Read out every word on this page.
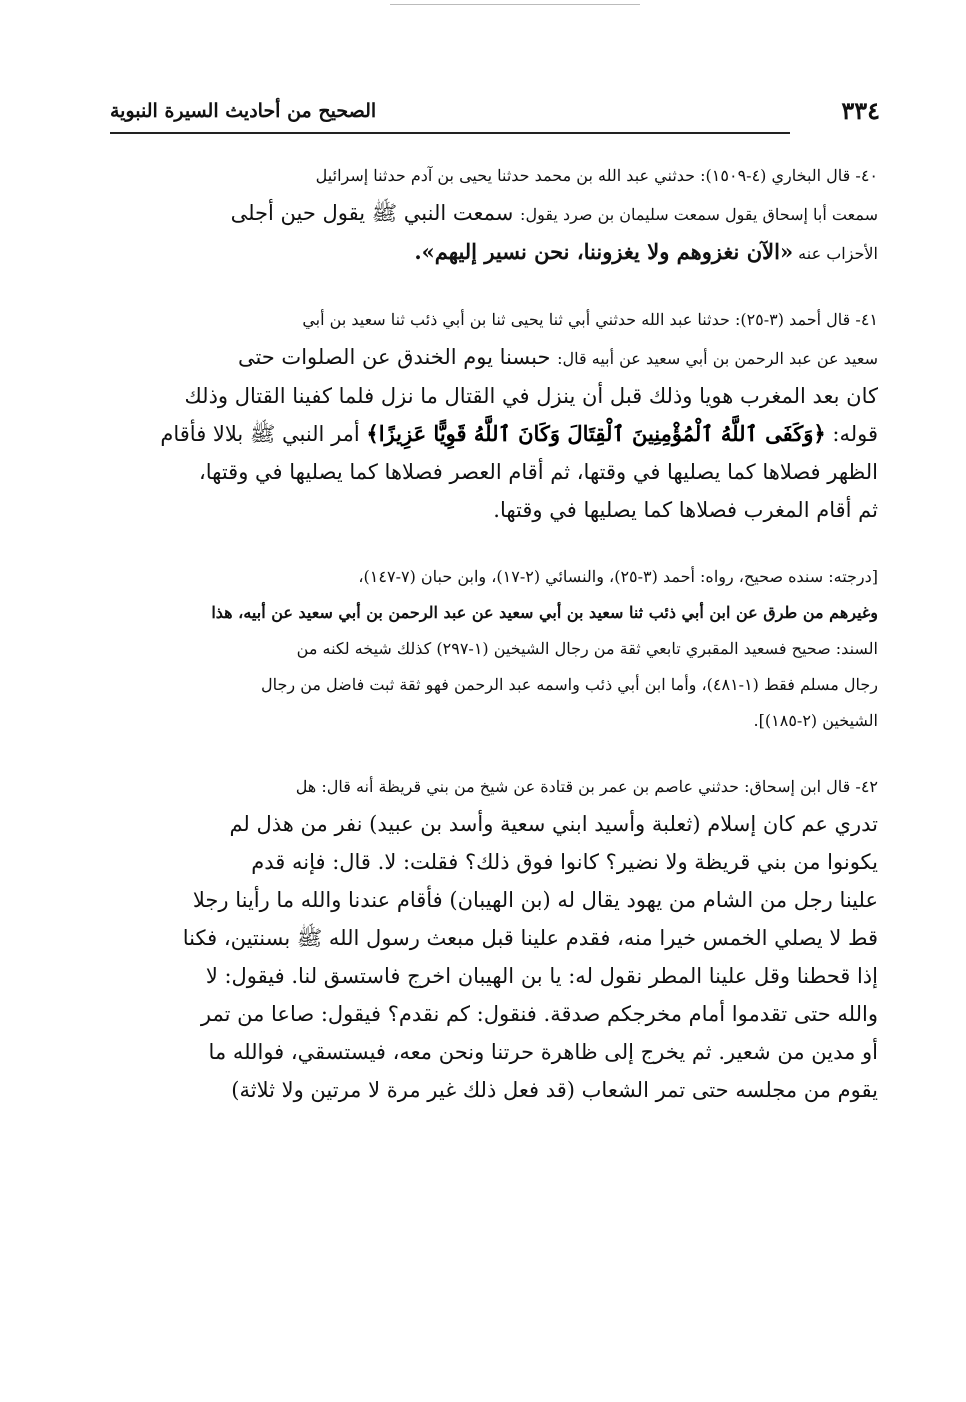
الصحيح من أحاديث السيرة النبوية	٣٣٤

٤٠- قال البخاري (٤-١٥٠٩): حدثني عبد الله بن محمد حدثنا يحيى بن آدم حدثنا إسرائيل

سمعت أبا إسحاق يقول سمعت سليمان بن صرد يقول: سمعت النبي ﷺ يقول حين أجلى

الأحزاب عنه «الآن نغزوهم ولا يغزوننا، نحن نسير إليهم».

٤١- قال أحمد (٣-٢٥): حدثنا عبد الله حدثني أبي ثنا يحيى ثنا بن أبي ذئب ثنا سعيد بن أبي

سعيد عن عبد الرحمن بن أبي سعيد عن أبيه قال: حبسنا يوم الخندق عن الصلوات حتى

كان بعد المغرب هويا وذلك قبل أن ينزل في القتال ما نزل فلما كفينا القتال وذلك

قوله: ﴿وَكَفَى ٱللَّهُ ٱلْمُؤْمِنِينَ ٱلْقِتَالَ وَكَانَ ٱللَّهُ قَوِيًّا عَزِيزًا﴾ أمر النبي ﷺ بلالا فأقام

الظهر فصلاها كما يصليها في وقتها، ثم أقام العصر فصلاها كما يصليها في وقتها،

ثم أقام المغرب فصلاها كما يصليها في وقتها.

[درجته: سنده صحيح، رواه: أحمد (٣-٢٥)، والنسائي (٢-١٧)، وابن حبان (٧-١٤٧)،

وغيرهم من طرق عن ابن أبي ذئب ثنا سعيد بن أبي سعيد عن عبد الرحمن بن أبي سعيد عن أبيه، هذا

السند: صحيح فسعيد المقبري تابعي ثقة من رجال الشيخين (١-٢٩٧) كذلك شيخه لكنه من

رجال مسلم فقط (١-٤٨١)، وأما ابن أبي ذئب واسمه عبد الرحمن فهو ثقة ثبت فاضل من رجال

الشيخين (٢-١٨٥)].

٤٢- قال ابن إسحاق: حدثني عاصم بن عمر بن قتادة عن شيخ من بني قريظة أنه قال: هل

تدري عم كان إسلام (ثعلبة وأسيد ابني سعية وأسد بن عبيد) نفر من هذل لم

يكونوا من بني قريظة ولا نضير؟ كانوا فوق ذلك؟ فقلت: لا. قال: فإنه قدم

علينا رجل من الشام من يهود يقال له (بن الهيبان) فأقام عندنا والله ما رأينا رجلا

قط لا يصلي الخمس خيرا منه، فقدم علينا قبل مبعث رسول الله ﷺ بسنتين، فكنا

إذا قحطنا وقل علينا المطر نقول له: يا بن الهيبان اخرج فاستسق لنا. فيقول: لا

والله حتى تقدموا أمام مخرجكم صدقة. فنقول: كم نقدم؟ فيقول: صاعا من تمر

أو مدين من شعير. ثم يخرج إلى ظاهرة حرتنا ونحن معه، فيستسقي، فوالله ما

يقوم من مجلسه حتى تمر الشعاب (قد فعل ذلك غير مرة لا مرتين ولا ثلاثة)
